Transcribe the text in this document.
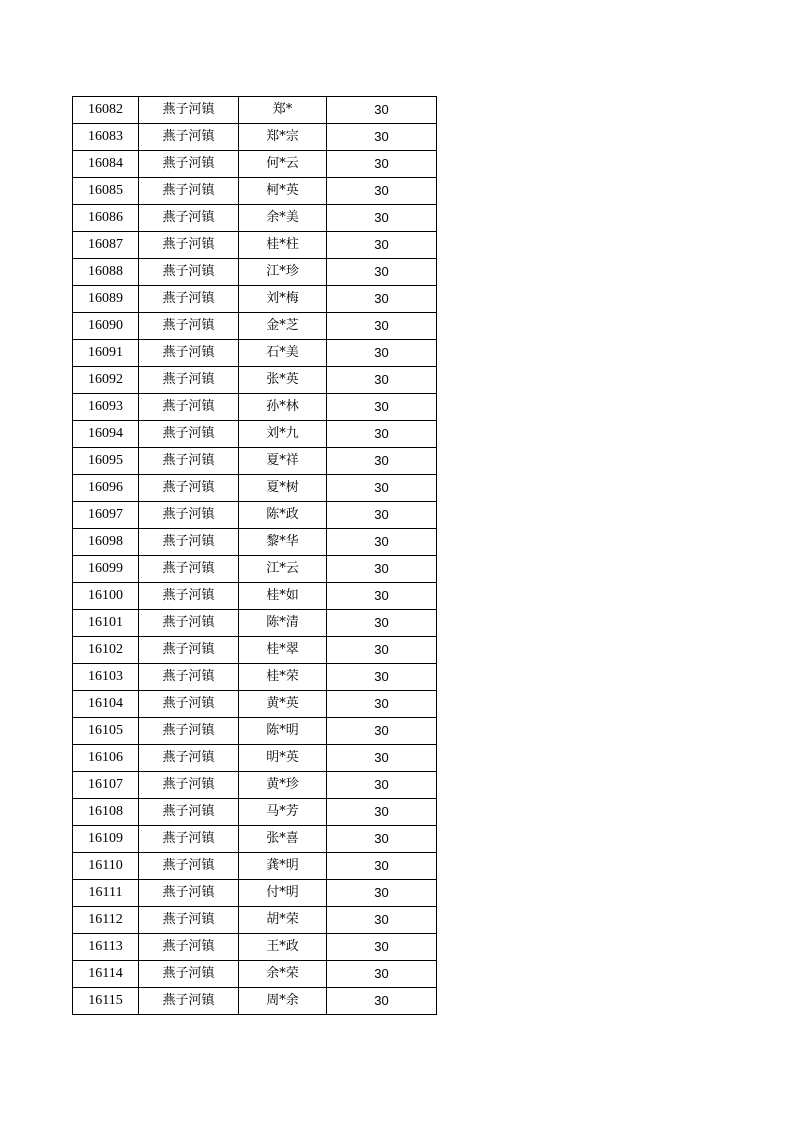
16082	燕子河镇	郑*	30
16083	燕子河镇	郑*宗	30
16084	燕子河镇	何*云	30
16085	燕子河镇	柯*英	30
16086	燕子河镇	余*美	30
16087	燕子河镇	桂*柱	30
16088	燕子河镇	江*珍	30
16089	燕子河镇	刘*梅	30
16090	燕子河镇	金*芝	30
16091	燕子河镇	石*美	30
16092	燕子河镇	张*英	30
16093	燕子河镇	孙*林	30
16094	燕子河镇	刘*九	30
16095	燕子河镇	夏*祥	30
16096	燕子河镇	夏*树	30
16097	燕子河镇	陈*政	30
16098	燕子河镇	黎*华	30
16099	燕子河镇	江*云	30
16100	燕子河镇	桂*如	30
16101	燕子河镇	陈*清	30
16102	燕子河镇	桂*翠	30
16103	燕子河镇	桂*荣	30
16104	燕子河镇	黄*英	30
16105	燕子河镇	陈*明	30
16106	燕子河镇	明*英	30
16107	燕子河镇	黄*珍	30
16108	燕子河镇	马*芳	30
16109	燕子河镇	张*喜	30
16110	燕子河镇	龚*明	30
16111	燕子河镇	付*明	30
16112	燕子河镇	胡*荣	30
16113	燕子河镇	王*政	30
16114	燕子河镇	余*荣	30
16115	燕子河镇	周*余	30
